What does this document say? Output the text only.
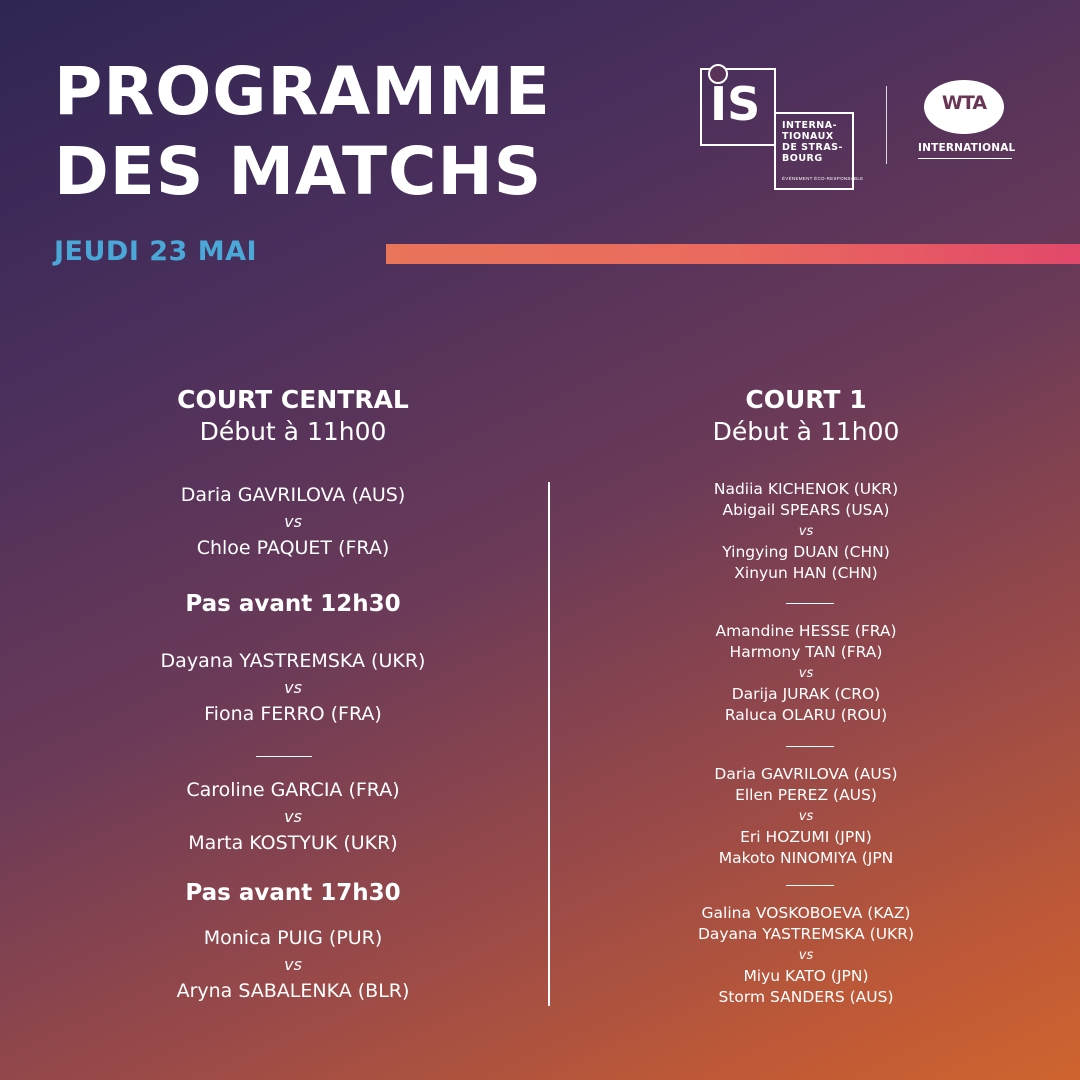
PROGRAMME
DES MATCHS
JEUDI 23 MAI
IS INTERNA-
TIONAUX
DE STRAS-
BOURG
ÉVÉNEMENT ÉCO-RESPONSABLE
WTA
INTERNATIONAL
COURT CENTRAL
Début à 11h00
Daria GAVRILOVA (AUS)
vs
Chloe PAQUET (FRA)
Pas avant 12h30
Dayana YASTREMSKA (UKR)
vs
Fiona FERRO (FRA)
Caroline GARCIA (FRA)
vs
Marta KOSTYUK (UKR)
Pas avant 17h30
Monica PUIG (PUR)
vs
Aryna SABALENKA (BLR)
COURT 1
Début à 11h00
Nadiia KICHENOK (UKR)
Abigail SPEARS (USA)
vs
Yingying DUAN (CHN)
Xinyun HAN (CHN)
Amandine HESSE (FRA)
Harmony TAN (FRA)
vs
Darija JURAK (CRO)
Raluca OLARU (ROU)
Daria GAVRILOVA (AUS)
Ellen PEREZ (AUS)
vs
Eri HOZUMI (JPN)
Makoto NINOMIYA (JPN
Galina VOSKOBOEVA (KAZ)
Dayana YASTREMSKA (UKR)
vs
Miyu KATO (JPN)
Storm SANDERS (AUS)
